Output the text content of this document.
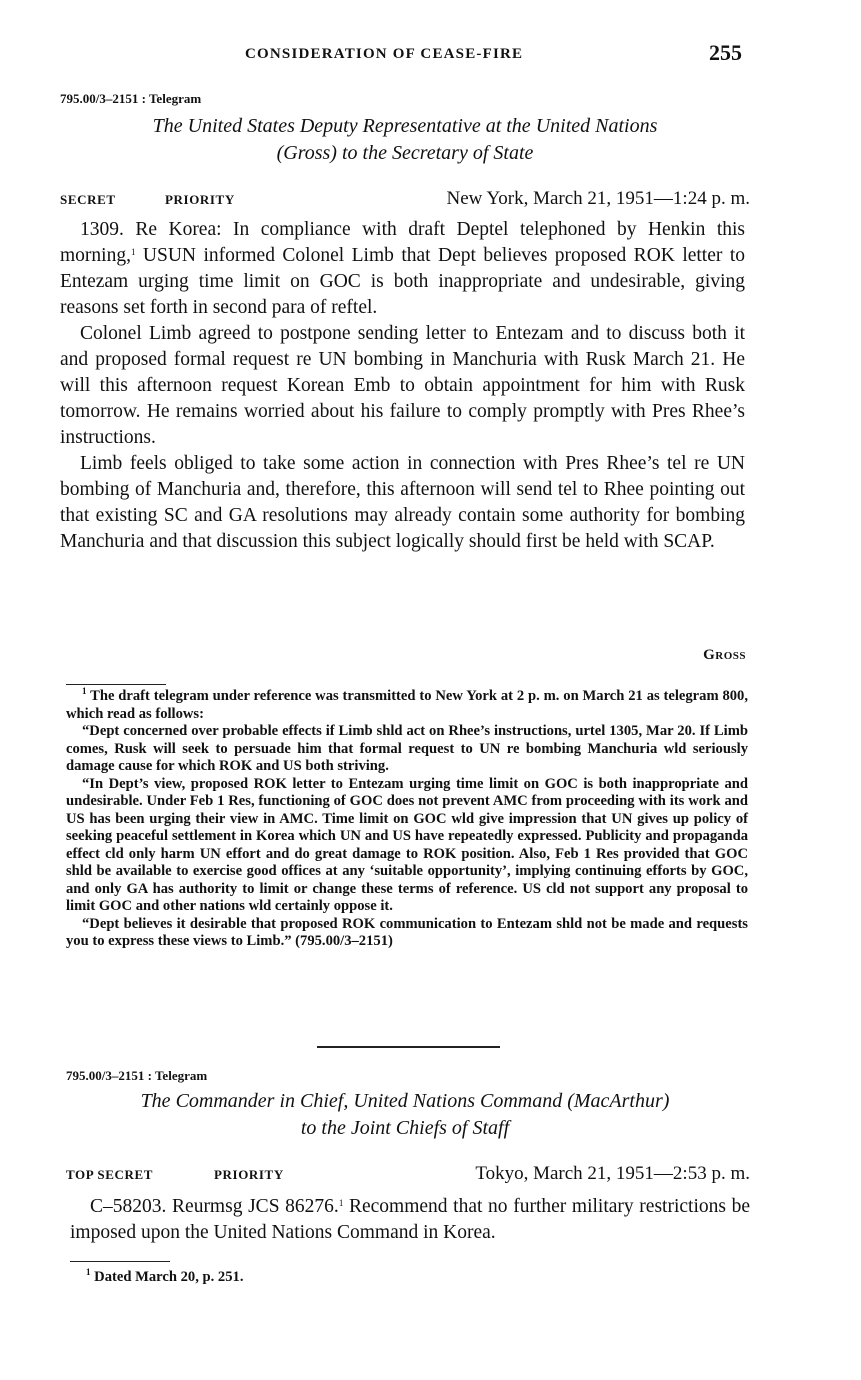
CONSIDERATION OF CEASE-FIRE	255
795.00/3–2151 : Telegram
The United States Deputy Representative at the United Nations
(Gross) to the Secretary of State
SECRET	PRIORITY	New York, March 21, 1951—1:24 p. m.

1309. Re Korea: In compliance with draft Deptel telephoned by Henkin this morning,$^1$ USUN informed Colonel Limb that Dept believes proposed ROK letter to Entezam urging time limit on GOC is both inappropriate and undesirable, giving reasons set forth in second para of reftel.

Colonel Limb agreed to postpone sending letter to Entezam and to discuss both it and proposed formal request re UN bombing in Manchuria with Rusk March 21. He will this afternoon request Korean Emb to obtain appointment for him with Rusk tomorrow. He remains worried about his failure to comply promptly with Pres Rhee’s instructions.

Limb feels obliged to take some action in connection with Pres Rhee’s tel re UN bombing of Manchuria and, therefore, this afternoon will send tel to Rhee pointing out that existing SC and GA resolutions may already contain some authority for bombing Manchuria and that discussion this subject logically should first be held with SCAP.

Gross

$^1$ The draft telegram under reference was transmitted to New York at 2 p. m. on March 21 as telegram 800, which read as follows:

“Dept concerned over probable effects if Limb shld act on Rhee’s instructions, urtel 1305, Mar 20. If Limb comes, Rusk will seek to persuade him that formal request to UN re bombing Manchuria wld seriously damage cause for which ROK and US both striving.

“In Dept’s view, proposed ROK letter to Entezam urging time limit on GOC is both inappropriate and undesirable. Under Feb 1 Res, functioning of GOC does not prevent AMC from proceeding with its work and US has been urging their view in AMC. Time limit on GOC wld give impression that UN gives up policy of seeking peaceful settlement in Korea which UN and US have repeatedly expressed. Publicity and propaganda effect cld only harm UN effort and do great damage to ROK position. Also, Feb 1 Res provided that GOC shld be available to exercise good offices at any ‘suitable opportunity’, implying continuing efforts by GOC, and only GA has authority to limit or change these terms of reference. US cld not support any proposal to limit GOC and other nations wld certainly oppose it.

“Dept believes it desirable that proposed ROK communication to Entezam shld not be made and requests you to express these views to Limb.” (795.00/3–2151)

795.00/3–2151 : Telegram
The Commander in Chief, United Nations Command (MacArthur)
to the Joint Chiefs of Staff
TOP SECRET	PRIORITY	Tokyo, March 21, 1951—2:53 p. m.

C–58203. Reurmsg JCS 86276.$^1$ Recommend that no further military restrictions be imposed upon the United Nations Command in Korea.

$^1$ Dated March 20, p. 251.
